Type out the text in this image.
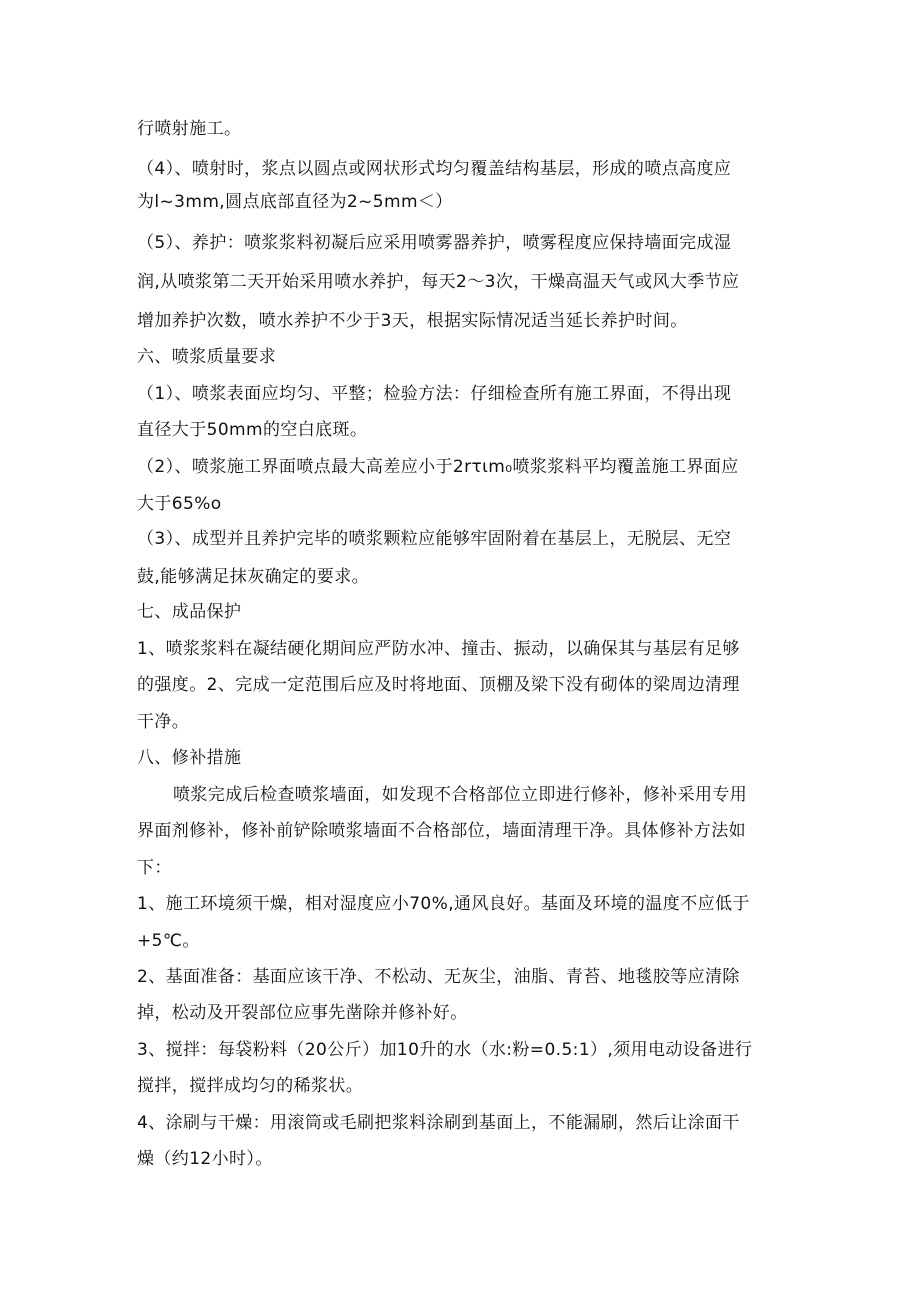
行喷射施工。
（4）、喷射时，浆点以圆点或网状形式均匀覆盖结构基层，形成的喷点高度应
为l~3mm,圆点底部直径为2~5mm＜）
（5）、养护：喷浆浆料初凝后应采用喷雾器养护，喷雾程度应保持墙面完成湿
润,从喷浆第二天开始采用喷水养护，每天2～3次，干燥高温天气或风大季节应
增加养护次数，喷水养护不少于3天，根据实际情况适当延长养护时间。
六、喷浆质量要求
（1）、喷浆表面应均匀、平整；检验方法：仔细检查所有施工界面，不得出现
直径大于50mm的空白底斑。
（2）、喷浆施工界面喷点最大高差应小于2rτιm₀喷浆浆料平均覆盖施工界面应
大于65%o
（3）、成型并且养护完毕的喷浆颗粒应能够牢固附着在基层上，无脱层、无空
鼓,能够满足抹灰确定的要求。
七、成品保护
1、喷浆浆料在凝结硬化期间应严防水冲、撞击、振动，以确保其与基层有足够
的强度。2、完成一定范围后应及时将地面、顶棚及梁下没有砌体的梁周边清理
干净。
八、修补措施
喷浆完成后检查喷浆墙面，如发现不合格部位立即进行修补，修补采用专用
界面剂修补，修补前铲除喷浆墙面不合格部位，墙面清理干净。具体修补方法如
下：
1、施工环境须干燥，相对湿度应小70%,通风良好。基面及环境的温度不应低于
+5℃。
2、基面准备：基面应该干净、不松动、无灰尘，油脂、青苔、地毯胶等应清除
掉，松动及开裂部位应事先凿除并修补好。
3、搅拌：每袋粉料（20公斤）加10升的水（水:粉=0.5:1）,须用电动设备进行
搅拌，搅拌成均匀的稀浆状。
4、涂刷与干燥：用滚筒或毛刷把浆料涂刷到基面上，不能漏刷，然后让涂面干
燥（约12小时）。
